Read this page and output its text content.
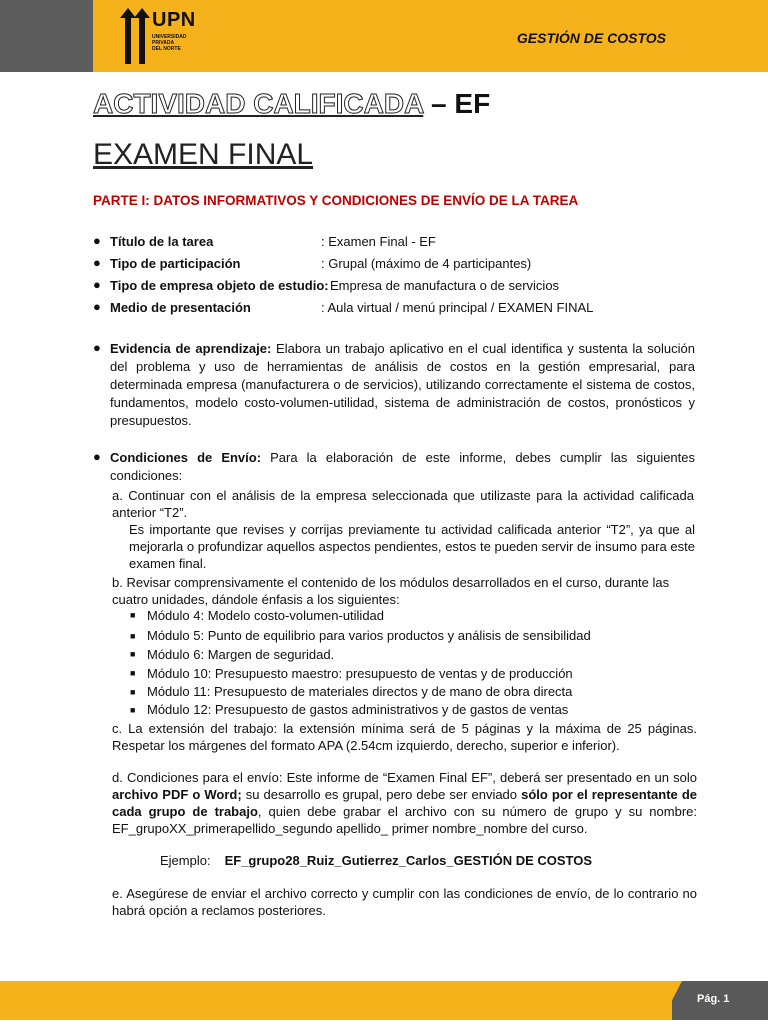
UPN
UNIVERSIDAD
PRIVADA
DEL NORTE
GESTIÓN DE COSTOS
ACTIVIDAD CALIFICADA – EF
EXAMEN FINAL
PARTE I: DATOS INFORMATIVOS Y CONDICIONES DE ENVÍO DE LA TAREA
● Título de la tarea	: Examen Final - EF
● Tipo de participación	: Grupal (máximo de 4 participantes)
● Tipo de empresa objeto de estudio: Empresa de manufactura o de servicios
● Medio de presentación	: Aula virtual / menú principal / EXAMEN FINAL
● Evidencia de aprendizaje: Elabora un trabajo aplicativo en el cual identifica y sustenta la solución del problema y uso de herramientas de análisis de costos en la gestión empresarial, para determinada empresa (manufacturera o de servicios), utilizando correctamente el sistema de costos, fundamentos, modelo costo-volumen-utilidad, sistema de administración de costos, pronósticos y presupuestos.
● Condiciones de Envío: Para la elaboración de este informe, debes cumplir las siguientes condiciones:
a. Continuar con el análisis de la empresa seleccionada que utilizaste para la actividad calificada anterior “T2”.
Es importante que revises y corrijas previamente tu actividad calificada anterior “T2”, ya que al mejorarla o profundizar aquellos aspectos pendientes, estos te pueden servir de insumo para este examen final.
b. Revisar comprensivamente el contenido de los módulos desarrollados en el curso, durante las cuatro unidades, dándole énfasis a los siguientes:
■ Módulo 4: Modelo costo-volumen-utilidad
■ Módulo 5: Punto de equilibrio para varios productos y análisis de sensibilidad
■ Módulo 6: Margen de seguridad.
■ Módulo 10: Presupuesto maestro: presupuesto de ventas y de producción
■ Módulo 11: Presupuesto de materiales directos y de mano de obra directa
■ Módulo 12: Presupuesto de gastos administrativos y de gastos de ventas
c. La extensión del trabajo: la extensión mínima será de 5 páginas y la máxima de 25 páginas. Respetar los márgenes del formato APA (2.54cm izquierdo, derecho, superior e inferior).
d. Condiciones para el envío: Este informe de “Examen Final EF”, deberá ser presentado en un solo archivo PDF o Word; su desarrollo es grupal, pero debe ser enviado sólo por el representante de cada grupo de trabajo, quien debe grabar el archivo con su número de grupo y su nombre: EF_grupoXX_primerapellido_segundo apellido_ primer nombre_nombre del curso.
Ejemplo: EF_grupo28_Ruiz_Gutierrez_Carlos_GESTIÓN DE COSTOS
e. Asegúrese de enviar el archivo correcto y cumplir con las condiciones de envío, de lo contrario no habrá opción a reclamos posteriores.
Pág. 1
